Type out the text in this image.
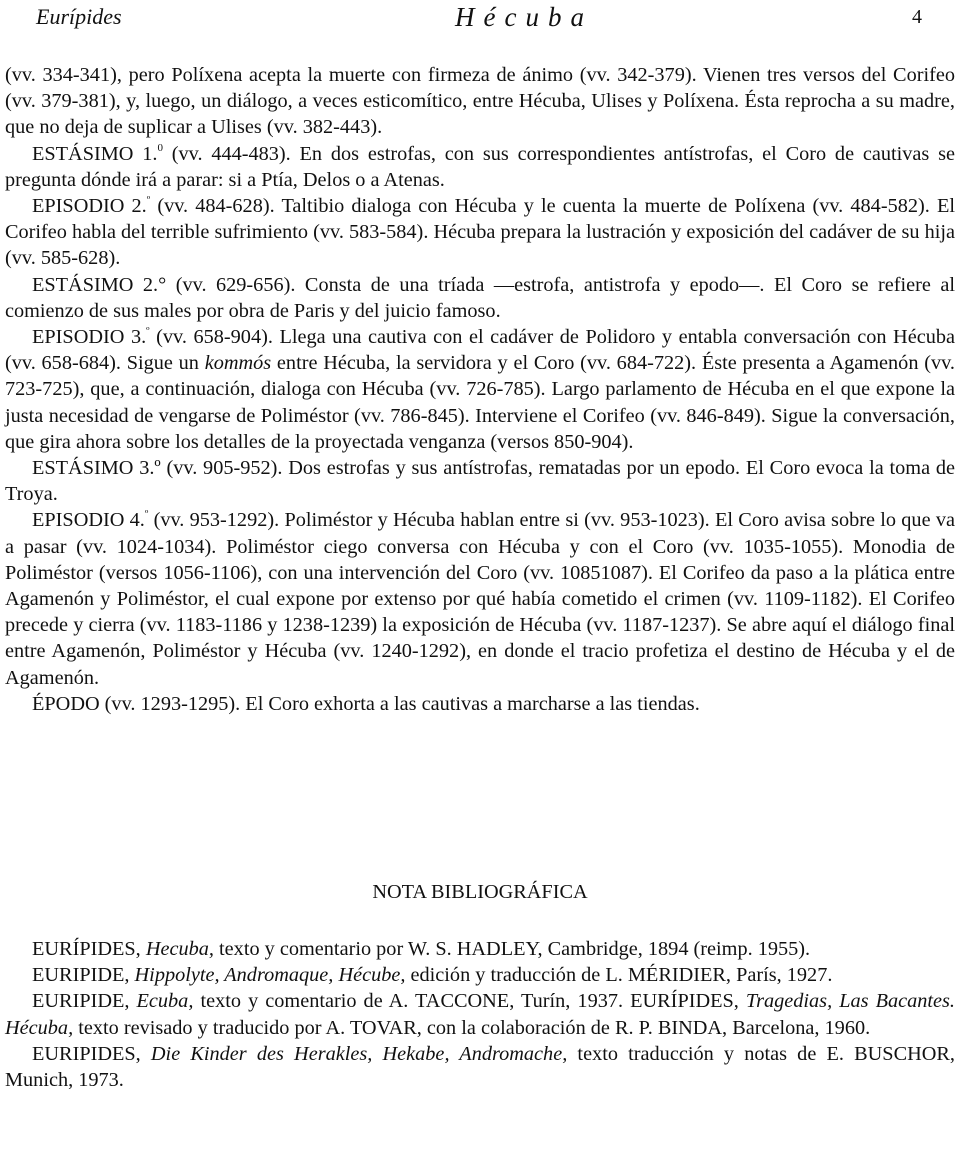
Eurípides	Hécuba	4

(vv. 334-341), pero Políxena acepta la muerte con firmeza de ánimo (vv. 342-379). Vienen tres versos del Corifeo (vv. 379-381), y, luego, un diálogo, a veces esticomítico, entre Hécuba, Ulises y Políxena. Ésta reprocha a su madre, que no deja de suplicar a Ulises (vv. 382-443).

ESTÁSIMO 1.$^0$ (vv. 444-483). En dos estrofas, con sus correspondientes antístrofas, el Coro de cautivas se pregunta dónde irá a parar: si a Ptía, Delos o a Atenas.

EPISODIO 2.$^º$ (vv. 484-628). Taltibio dialoga con Hécuba y le cuenta la muerte de Políxena (vv. 484-582). El Corifeo habla del terrible sufrimiento (vv. 583-584). Hécuba prepara la lustración y exposición del cadáver de su hija (vv. 585-628).

ESTÁSIMO 2.° (vv. 629-656). Consta de una tríada —estrofa, antistrofa y epodo—. El Coro se refiere al comienzo de sus males por obra de Paris y del juicio famoso.

EPISODIO 3.$^º$ (vv. 658-904). Llega una cautiva con el cadáver de Polidoro y entabla conversación con Hécuba (vv. 658-684). Sigue un kommós entre Hécuba, la servidora y el Coro (vv. 684-722). Éste presenta a Agamenón (vv. 723-725), que, a continuación, dialoga con Hécuba (vv. 726-785). Largo parlamento de Hécuba en el que expone la justa necesidad de vengarse de Poliméstor (vv. 786-845). Interviene el Corifeo (vv. 846-849). Sigue la conversación, que gira ahora sobre los detalles de la proyectada venganza (versos 850-904).

ESTÁSIMO 3.º (vv. 905-952). Dos estrofas y sus antístrofas, rematadas por un epodo. El Coro evoca la toma de Troya.

EPISODIO 4.$^º$ (vv. 953-1292). Poliméstor y Hécuba hablan entre si (vv. 953-1023). El Coro avisa sobre lo que va a pasar (vv. 1024-1034). Poliméstor ciego conversa con Hécuba y con el Coro (vv. 1035-1055). Monodia de Poliméstor (versos 1056-1106), con una intervención del Coro (vv. 10851087). El Corifeo da paso a la plática entre Agamenón y Poliméstor, el cual expone por extenso por qué había cometido el crimen (vv. 1109-1182). El Corifeo precede y cierra (vv. 1183-1186 y 1238-1239) la exposición de Hécuba (vv. 1187-1237). Se abre aquí el diálogo final entre Agamenón, Poliméstor y Hécuba (vv. 1240-1292), en donde el tracio profetiza el destino de Hécuba y el de Agamenón.

ÉPODO (vv. 1293-1295). El Coro exhorta a las cautivas a marcharse a las tiendas.

NOTA BIBLIOGRÁFICA

EURÍPIDES, Hecuba, texto y comentario por W. S. HADLEY, Cambridge, 1894 (reimp. 1955).

EURIPIDE, Hippolyte, Andromaque, Hécube, edición y traducción de L. MÉRIDIER, París, 1927.

EURIPIDE, Ecuba, texto y comentario de A. TACCONE, Turín, 1937. EURÍPIDES, Tragedias, Las Bacantes. Hécuba, texto revisado y traducido por A. TOVAR, con la colaboración de R. P. BINDA, Barcelona, 1960.

EURIPIDES, Die Kinder des Herakles, Hekabe, Andromache, texto traducción y notas de E. BUSCHOR, Munich, 1973.
